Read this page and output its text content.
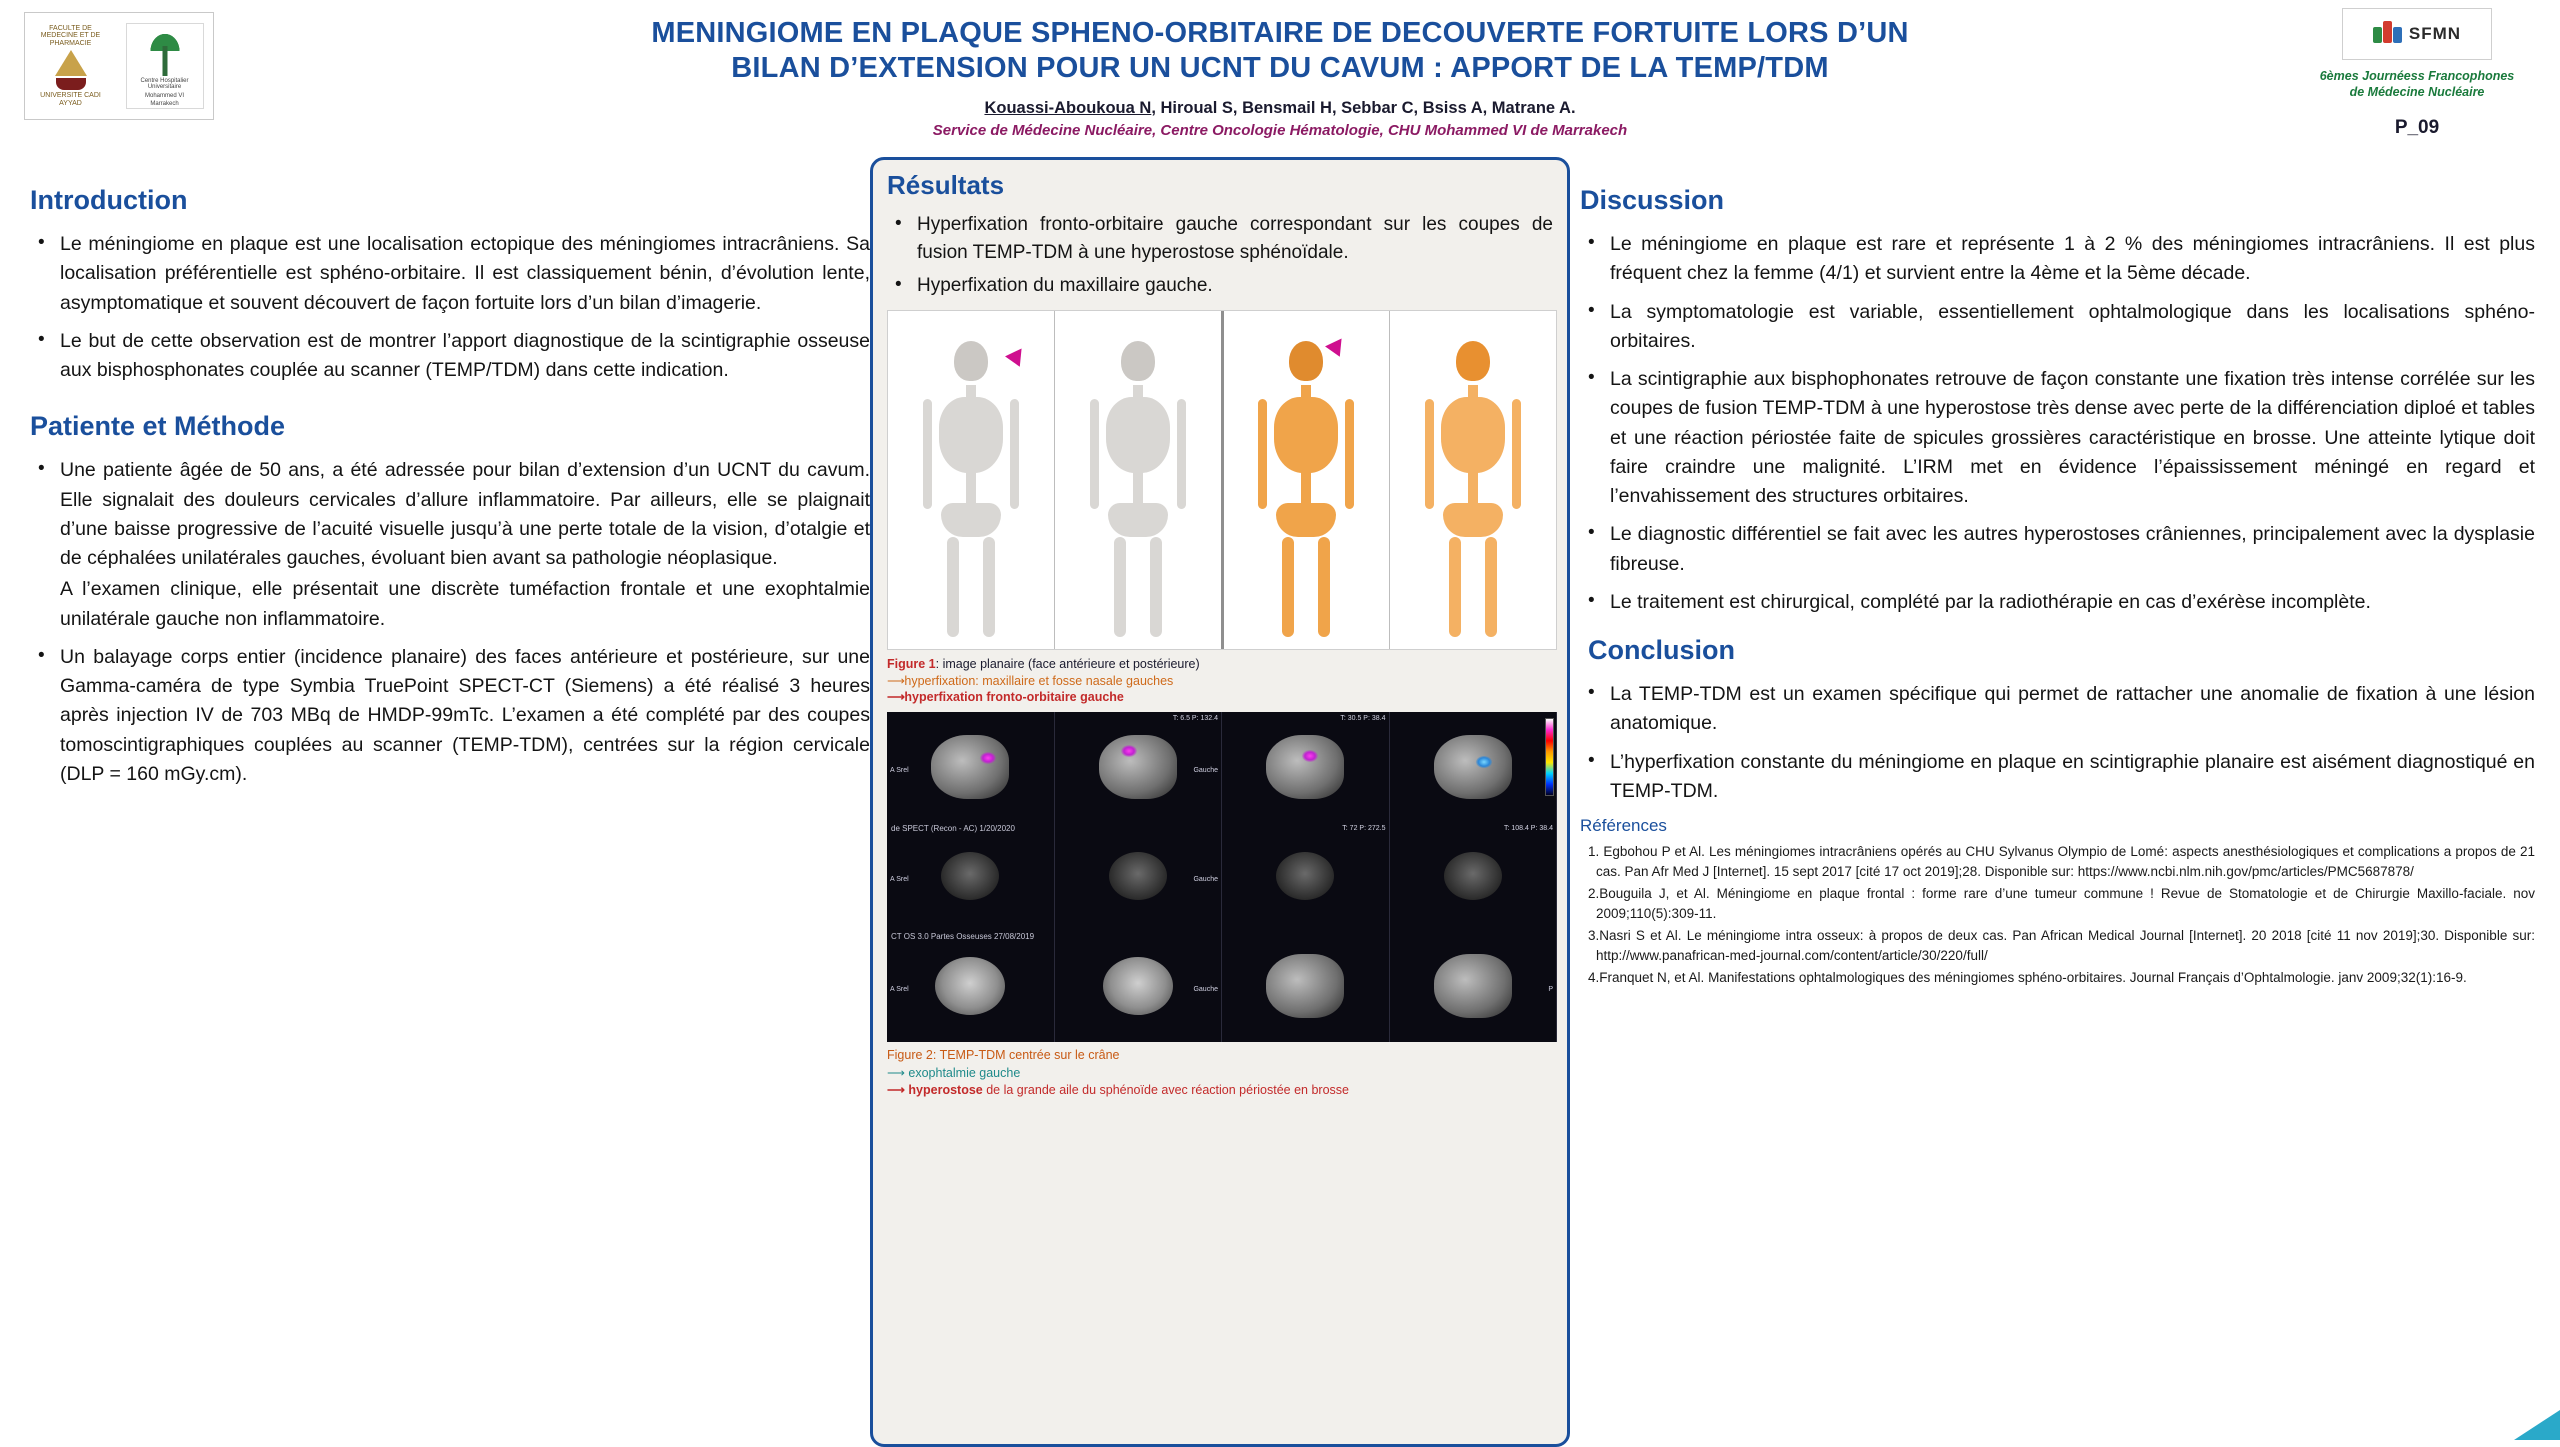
FACULTE DE MEDECINE ET DE PHARMACIE
UNIVERSITE CADI AYYAD
Centre Hospitalier Universitaire
Mohammed VI
Marrakech
MENINGIOME EN PLAQUE SPHENO-ORBITAIRE DE DECOUVERTE FORTUITE LORS D’UN
BILAN D’EXTENSION POUR UN UCNT DU CAVUM : APPORT DE LA TEMP/TDM
Kouassi-Aboukoua N, Hiroual S, Bensmail H, Sebbar C, Bsiss A, Matrane A.
Service de Médecine Nucléaire, Centre Oncologie Hématologie, CHU Mohammed VI de Marrakech
SFMN
6èmes Journéess Francophones
de Médecine Nucléaire
P_09
Introduction

• Le méningiome en plaque est une localisation ectopique des méningiomes intracrâniens. Sa localisation préférentielle est sphéno-orbitaire. Il est classiquement bénin, d’évolution lente, asymptomatique et souvent découvert de façon fortuite lors d’un bilan d’imagerie.

• Le but de cette observation est de montrer l’apport diagnostique de la scintigraphie osseuse aux bisphosphonates couplée au scanner (TEMP/TDM) dans cette indication.

Patiente et Méthode

• Une patiente âgée de 50 ans, a été adressée pour bilan d’extension d’un UCNT du cavum. Elle signalait des douleurs cervicales d’allure inflammatoire. Par ailleurs, elle se plaignait d’une baisse progressive de l’acuité visuelle jusqu’à une perte totale de la vision, d’otalgie et de céphalées unilatérales gauches, évoluant bien avant sa pathologie néoplasique.

A l’examen clinique, elle présentait une discrète tuméfaction frontale et une exophtalmie unilatérale gauche non inflammatoire.

• Un balayage corps entier (incidence planaire) des faces antérieure et postérieure, sur une Gamma-caméra de type Symbia TruePoint SPECT-CT (Siemens) a été réalisé 3 heures après injection IV de 703 MBq de HMDP-99mTc. L’examen a été complété par des coupes tomoscintigraphiques couplées au scanner (TEMP-TDM), centrées sur la région cervicale (DLP = 160 mGy.cm).

Résultats

• Hyperfixation fronto-orbitaire gauche correspondant sur les coupes de fusion TEMP-TDM à une hyperostose sphénoïdale.

• Hyperfixation du maxillaire gauche.

Figure 1: image planaire (face antérieure et postérieure)
⟶ hyperfixation: maxillaire et fosse nasale gauches
⟶ hyperfixation fronto-orbitaire gauche
A Srel	Gauche
T: 6.5 P: 132.4	T: 30.5 P: 38.4
de SPECT (Recon - AC) 1/20/2020
A Srel	Gauche
T: 72 P: 272.5	T: 108.4 P: 38.4
CT OS 3.0 Partes Osseuses 27/08/2019
A Srel	Gauche	P
Figure 2: TEMP-TDM centrée sur le crâne
⟶ exophtalmie gauche
⟶ hyperostose de la grande aile du sphénoïde avec réaction périostée en brosse
Discussion

• Le méningiome en plaque est rare et représente 1 à 2 % des méningiomes intracrâniens. Il est plus fréquent chez la femme (4/1) et survient entre la 4ème et la 5ème décade.

• La symptomatologie est variable, essentiellement ophtalmologique dans les localisations sphéno-orbitaires.

• La scintigraphie aux bisphophonates retrouve de façon constante une fixation très intense corrélée sur les coupes de fusion TEMP-TDM à une hyperostose très dense avec perte de la différenciation diploé et tables et une réaction périostée faite de spicules grossières caractéristique en brosse. Une atteinte lytique doit faire craindre une malignité. L’IRM met en évidence l’épaississement méningé en regard et l’envahissement des structures orbitaires.

• Le diagnostic différentiel se fait avec les autres hyperostoses crâniennes, principalement avec la dysplasie fibreuse.

• Le traitement est chirurgical, complété par la radiothérapie en cas d’exérèse incomplète.

Conclusion

• La TEMP-TDM est un examen spécifique qui permet de rattacher une anomalie de fixation à une lésion anatomique.

• L’hyperfixation constante du méningiome en plaque en scintigraphie planaire est aisément diagnostiqué en TEMP-TDM.

Références

1. Egbohou P et Al. Les méningiomes intracrâniens opérés au CHU Sylvanus Olympio de Lomé: aspects anesthésiologiques et complications a propos de 21 cas. Pan Afr Med J [Internet]. 15 sept 2017 [cité 17 oct 2019];28. Disponible sur: https://www.ncbi.nlm.nih.gov/pmc/articles/PMC5687878/

2.Bouguila J, et Al. Méningiome en plaque frontal : forme rare d’une tumeur commune ! Revue de Stomatologie et de Chirurgie Maxillo-faciale. nov 2009;110(5):309-11.

3.Nasri S et Al. Le méningiome intra osseux: à propos de deux cas. Pan African Medical Journal [Internet]. 20 2018 [cité 11 nov 2019];30. Disponible sur: http://www.panafrican-med-journal.com/content/article/30/220/full/

4.Franquet N, et Al. Manifestations ophtalmologiques des méningiomes sphéno-orbitaires. Journal Français d’Ophtalmologie. janv 2009;32(1):16-9.
